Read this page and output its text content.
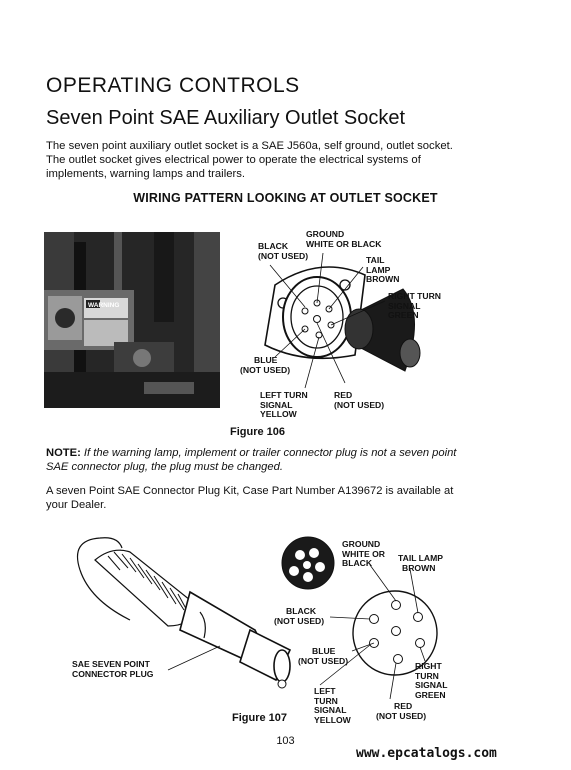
OPERATING CONTROLS
Seven Point SAE Auxiliary Outlet Socket
The seven point auxiliary outlet socket is a SAE J560a, self ground, outlet socket. The outlet socket gives electrical power to operate the electrical systems of implements, warning lamps and trailers.
WIRING PATTERN LOOKING AT OUTLET SOCKET
WARNING
GROUND
WHITE OR BLACK
BLACK
(NOT USED)	TAIL
LAMP
BROWN
RIGHT TURN
SIGNAL
GREEN
BLUE
(NOT USED)
LEFT TURN
SIGNAL
YELLOW
RED
(NOT USED)
Figure 106
NOTE: If the warning lamp, implement or trailer connector plug is not a seven point SAE connector plug, the plug must be changed.
A seven Point SAE Connector Plug Kit, Case Part Number A139672 is available at your Dealer.
GROUND
WHITE OR
BLACK	TAIL LAMP
BROWN
BLACK
(NOT USED)
BLUE
(NOT USED)
RIGHT
TURN
SIGNAL
GREEN
LEFT
TURN
SIGNAL
YELLOW
RED
(NOT USED)
SAE SEVEN POINT
CONNECTOR PLUG
Figure 107
103
www.epcatalogs.com
